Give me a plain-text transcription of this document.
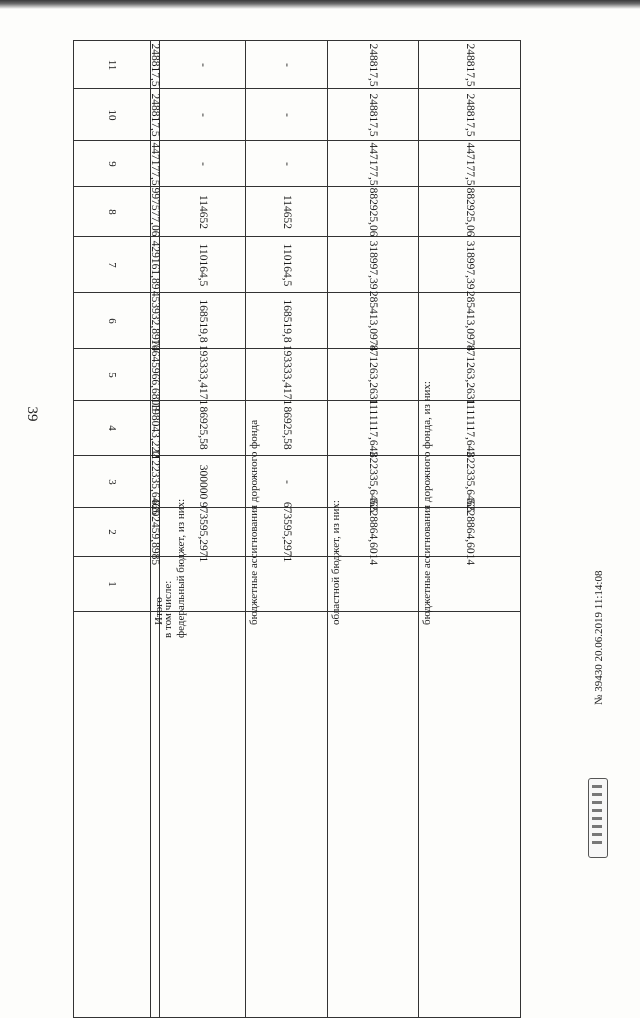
39
11	248817,5	-	-	248817,5	248817,5

10	248817,5	-	-	248817,5	248817,5

9	447177,5	-	-	447177,5	447177,5

8	997577,06	114652	114652	882925,06	882925,06

7	429161,89	110164,5	110164,5	318997,39	318997,39

6	453932,8974	168519,8	168519,8	285413,0974	285413,0974

5	10645966,6803	193333,4171	193333,4171	871263,2631	871263,2631

4	1198043,222	86925,58	86925,58	1111117,642	1111117,642

3	1122335,6465	300000	-	822335,6465	822335,6465

2	6202459,8985	973595,2971	673595,2971	5228864,6014	5228864,6014

1					

	Итого	в том числе:
федеральный бюджет, из них:	бюджетные ассигнования дорожного фонда	областной бюджет, из них:	бюджетные ассигнования дорожного фонда, из них:
№ 39430 20.06.2019 11:14:08
